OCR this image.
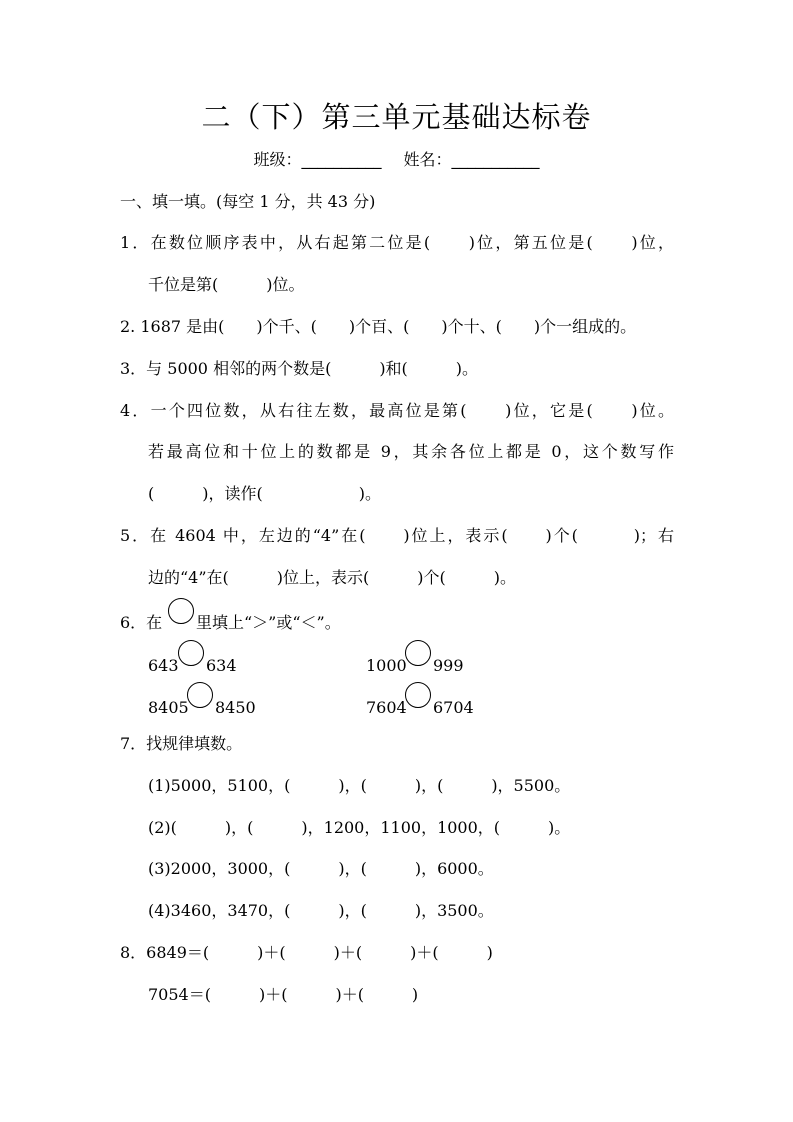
二（下）第三单元基础达标卷
班级：__________ 姓名：___________
一、填一填。(每空 1 分，共 43 分)
1．在数位顺序表中，从右起第二位是(　　)位，第五位是(　　)位，
千位是第(　　　)位。
2. 1687 是由(　　)个千、(　　)个百、(　　)个十、(　　)个一组成的。
3．与 5000 相邻的两个数是(　　　)和(　　　)。
4．一个四位数，从右往左数，最高位是第(　　)位，它是(　　)位。
若最高位和十位上的数都是 9，其余各位上都是 0，这个数写作
(　　　)，读作(　　　　　　)。
5．在 4604 中，左边的“4”在(　　)位上，表示(　　)个(　　　)；右
边的“4”在(　　　)位上，表示(　　　)个(　　　)。
6．在 里填上“＞”或“＜”。
643 634	1000 999
8405 8450	7604 6704
7．找规律填数。
(1)5000，5100，(　　　)，(　　　)，(　　　)，5500。
(2)(　　　)，(　　　)，1200，1100，1000，(　　　)。
(3)2000，3000，(　　　)，(　　　)，6000。
(4)3460，3470，(　　　)，(　　　)，3500。
8．6849＝(　　　)＋(　　　)＋(　　　)＋(　　　)
7054＝(　　　)＋(　　　)＋(　　　)
